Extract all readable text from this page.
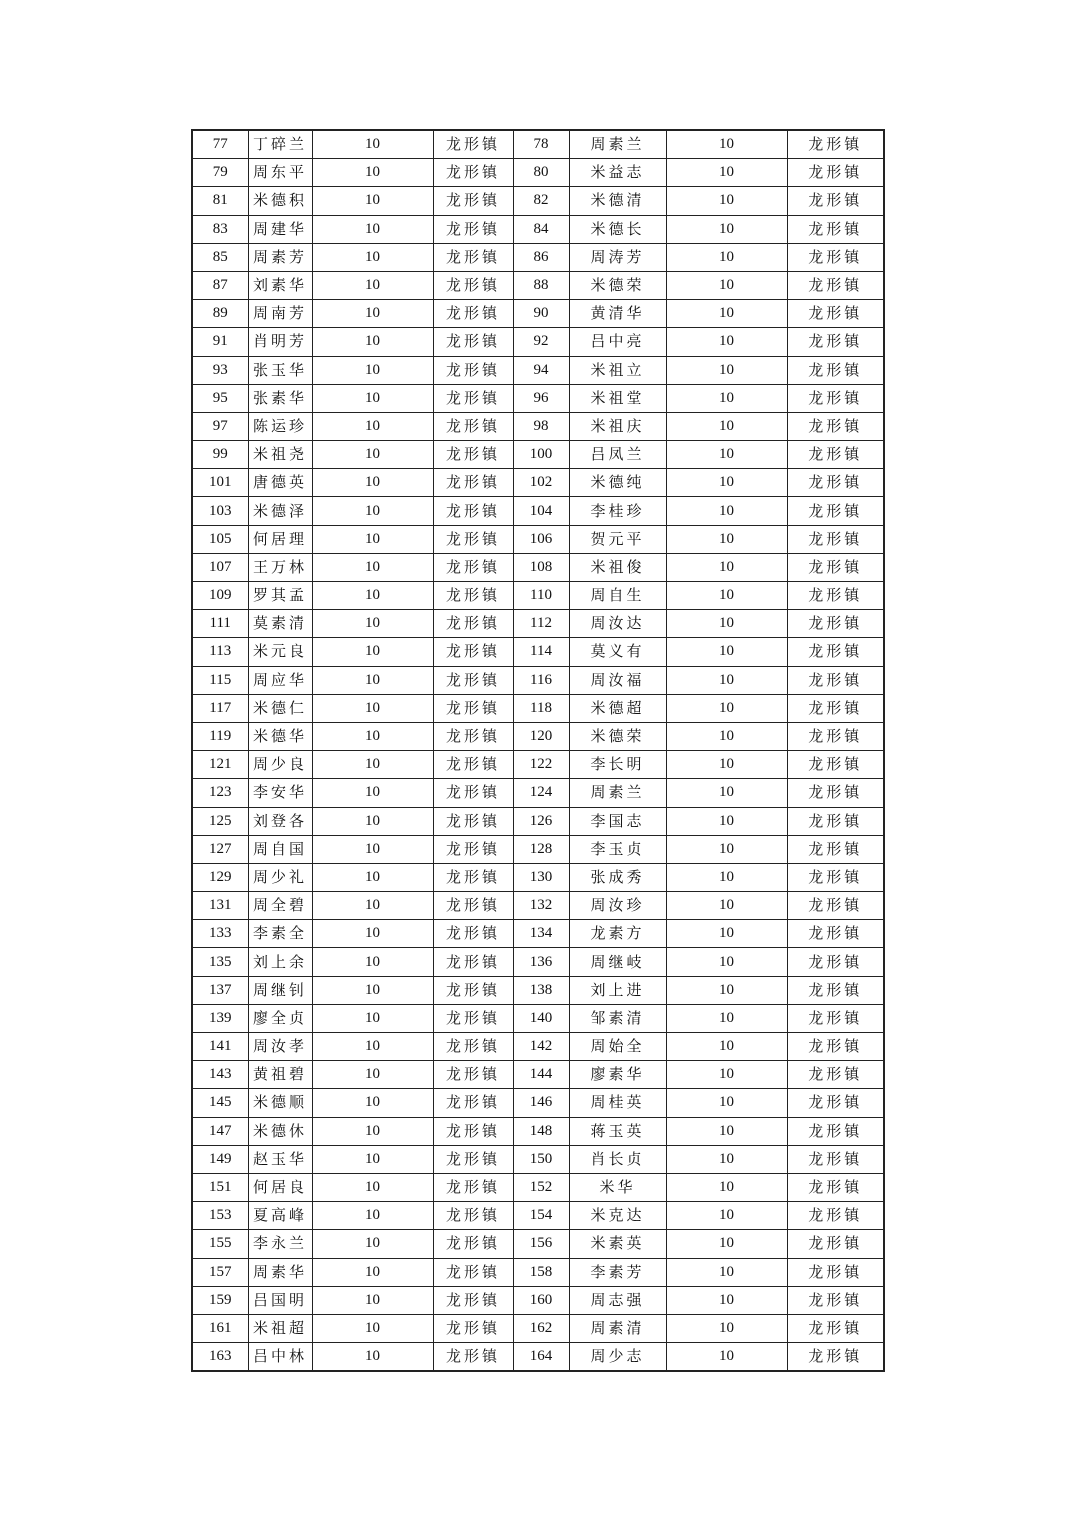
77	丁碎兰	10	龙形镇	78	周素兰	10	龙形镇
79	周东平	10	龙形镇	80	米益志	10	龙形镇
81	米德积	10	龙形镇	82	米德清	10	龙形镇
83	周建华	10	龙形镇	84	米德长	10	龙形镇
85	周素芳	10	龙形镇	86	周涛芳	10	龙形镇
87	刘素华	10	龙形镇	88	米德荣	10	龙形镇
89	周南芳	10	龙形镇	90	黄清华	10	龙形镇
91	肖明芳	10	龙形镇	92	吕中亮	10	龙形镇
93	张玉华	10	龙形镇	94	米祖立	10	龙形镇
95	张素华	10	龙形镇	96	米祖堂	10	龙形镇
97	陈运珍	10	龙形镇	98	米祖庆	10	龙形镇
99	米祖尧	10	龙形镇	100	吕凤兰	10	龙形镇
101	唐德英	10	龙形镇	102	米德纯	10	龙形镇
103	米德泽	10	龙形镇	104	李桂珍	10	龙形镇
105	何居理	10	龙形镇	106	贺元平	10	龙形镇
107	王万林	10	龙形镇	108	米祖俊	10	龙形镇
109	罗其孟	10	龙形镇	110	周自生	10	龙形镇
111	莫素清	10	龙形镇	112	周汝达	10	龙形镇
113	米元良	10	龙形镇	114	莫义有	10	龙形镇
115	周应华	10	龙形镇	116	周汝福	10	龙形镇
117	米德仁	10	龙形镇	118	米德超	10	龙形镇
119	米德华	10	龙形镇	120	米德荣	10	龙形镇
121	周少良	10	龙形镇	122	李长明	10	龙形镇
123	李安华	10	龙形镇	124	周素兰	10	龙形镇
125	刘登各	10	龙形镇	126	李国志	10	龙形镇
127	周自国	10	龙形镇	128	李玉贞	10	龙形镇
129	周少礼	10	龙形镇	130	张成秀	10	龙形镇
131	周全碧	10	龙形镇	132	周汝珍	10	龙形镇
133	李素全	10	龙形镇	134	龙素方	10	龙形镇
135	刘上余	10	龙形镇	136	周继岐	10	龙形镇
137	周继钊	10	龙形镇	138	刘上进	10	龙形镇
139	廖全贞	10	龙形镇	140	邹素清	10	龙形镇
141	周汝孝	10	龙形镇	142	周始全	10	龙形镇
143	黄祖碧	10	龙形镇	144	廖素华	10	龙形镇
145	米德顺	10	龙形镇	146	周桂英	10	龙形镇
147	米德休	10	龙形镇	148	蒋玉英	10	龙形镇
149	赵玉华	10	龙形镇	150	肖长贞	10	龙形镇
151	何居良	10	龙形镇	152	米华	10	龙形镇
153	夏高峰	10	龙形镇	154	米克达	10	龙形镇
155	李永兰	10	龙形镇	156	米素英	10	龙形镇
157	周素华	10	龙形镇	158	李素芳	10	龙形镇
159	吕国明	10	龙形镇	160	周志强	10	龙形镇
161	米祖超	10	龙形镇	162	周素清	10	龙形镇
163	吕中林	10	龙形镇	164	周少志	10	龙形镇
